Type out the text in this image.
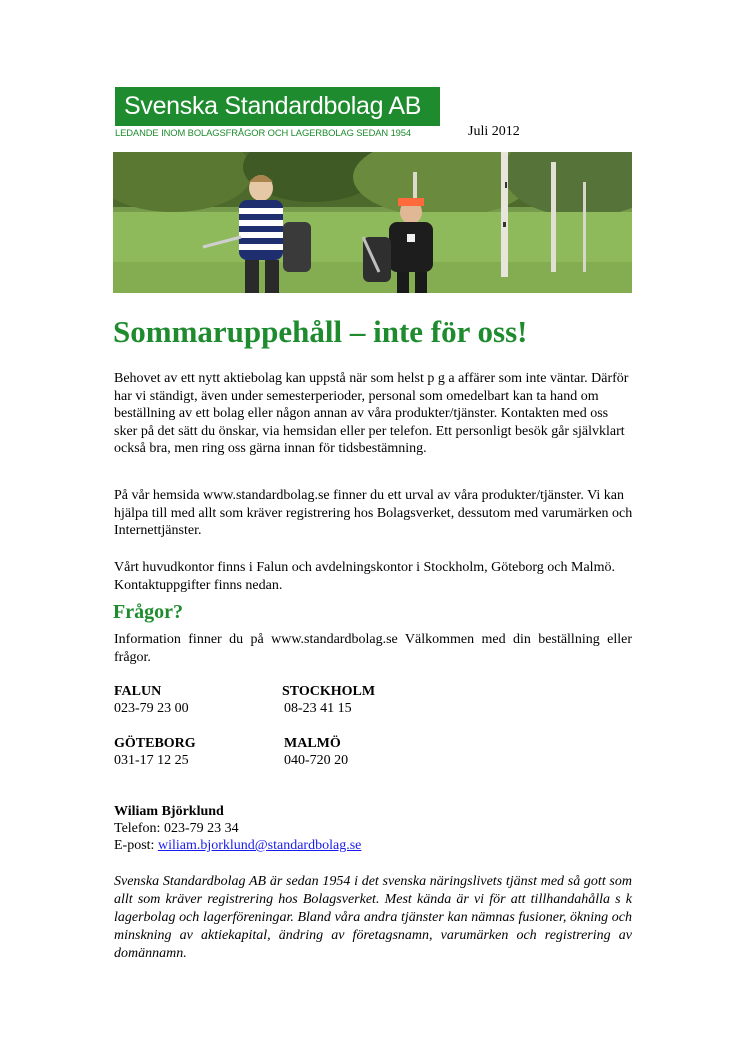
Svenska Standardbolag AB
LEDANDE INOM BOLAGSFRÅGOR OCH LAGERBOLAG SEDAN 1954	Juli 2012
Sommaruppehåll – inte för oss!

Behovet av ett nytt aktiebolag kan uppstå när som helst p g a affärer som inte väntar. Därför har vi ständigt, även under semesterperioder, personal som omedelbart kan ta hand om beställning av ett bolag eller någon annan av våra produkter/tjänster. Kontakten med oss sker på det sätt du önskar, via hemsidan eller per telefon. Ett personligt besök går självklart också bra, men ring oss gärna innan för tidsbestämning.

På vår hemsida www.standardbolag.se finner du ett urval av våra produkter/tjänster. Vi kan hjälpa till med allt som kräver registrering hos Bolagsverket, dessutom med varumärken och Internettjänster.

Vårt huvudkontor finns i Falun och avdelningskontor i Stockholm, Göteborg och Malmö. Kontaktuppgifter finns nedan.

Frågor?

Information finner du på www.standardbolag.se Välkommen med din beställning eller frågor.

FALUN
023-79 23 00
STOCKHOLM
08-23 41 15
GÖTEBORG
031-17 12 25
MALMÖ
040-720 20
Wiliam Björklund
Telefon: 023-79 23 34
E-post: wiliam.bjorklund@standardbolag.se

Svenska Standardbolag AB är sedan 1954 i det svenska näringslivets tjänst med så gott som allt som kräver registrering hos Bolagsverket. Mest kända är vi för att tillhandahålla s k lagerbolag och lagerföreningar. Bland våra andra tjänster kan nämnas fusioner, ökning och minskning av aktiekapital, ändring av företagsnamn, varumärken och registrering av domännamn.
